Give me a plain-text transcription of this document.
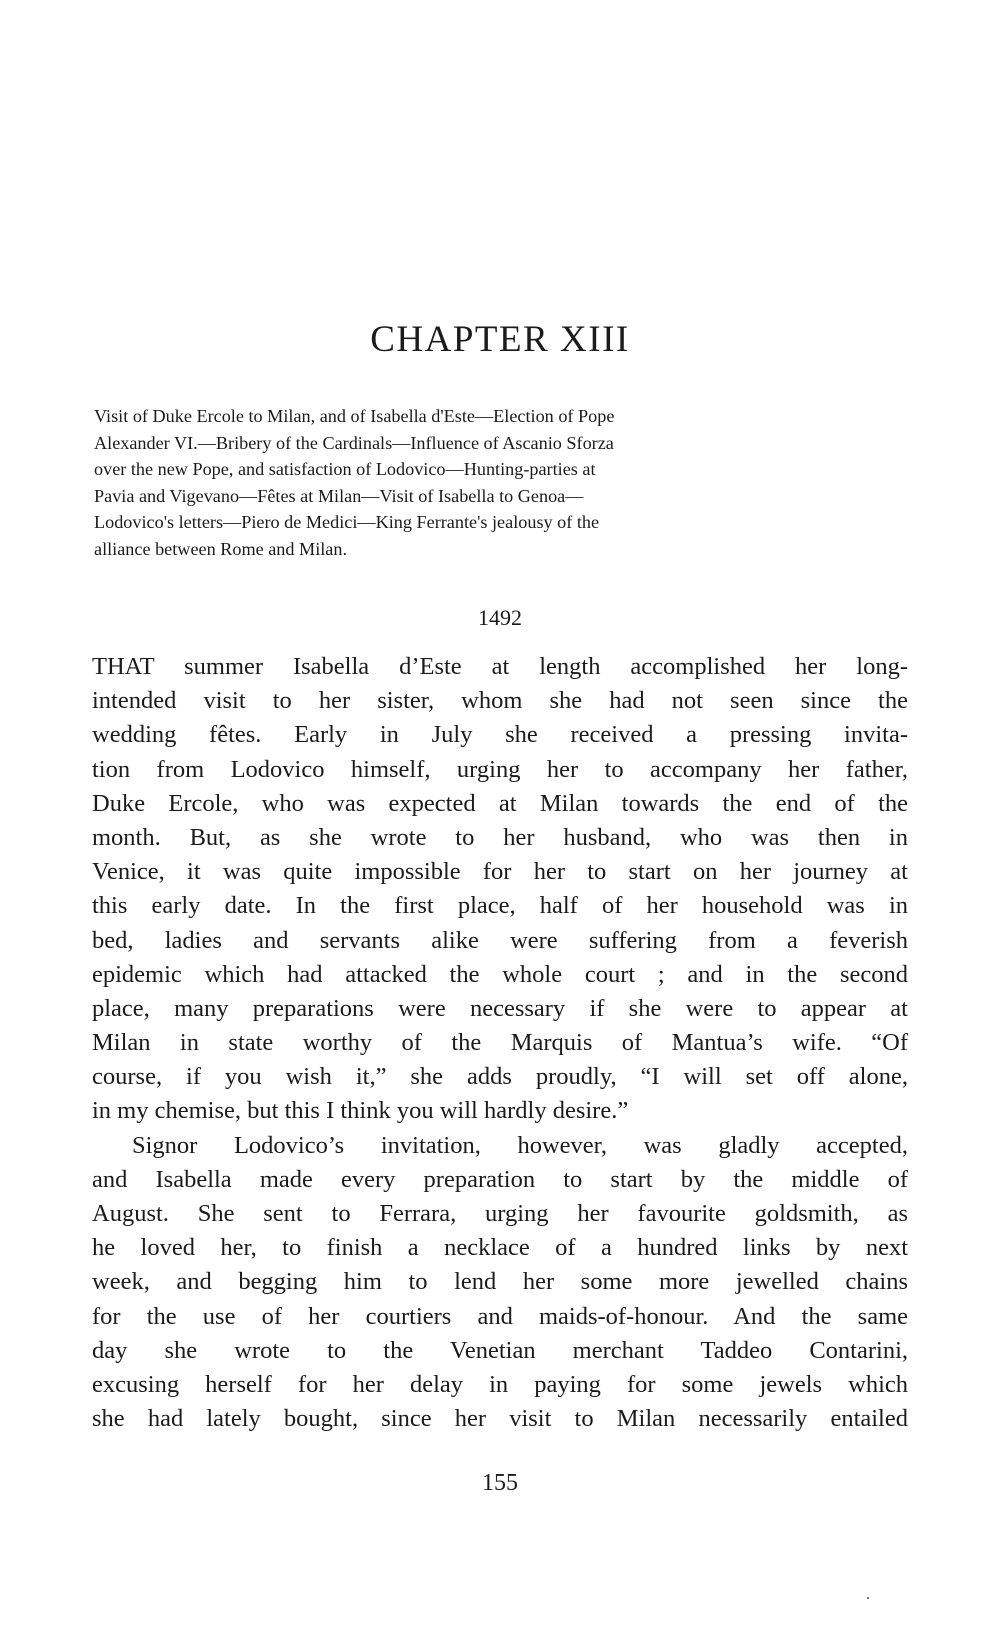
CHAPTER XIII

Visit of Duke Ercole to Milan, and of Isabella d'Este—Election of Pope
Alexander VI.—Bribery of the Cardinals—Influence of Ascanio Sforza
over the new Pope, and satisfaction of Lodovico—Hunting-parties at
Pavia and Vigevano—Fêtes at Milan—Visit of Isabella to Genoa—
Lodovico's letters—Piero de Medici—King Ferrante's jealousy of the
alliance between Rome and Milan.

1492

THAT summer Isabella d’Este at length accomplished her long-
intended visit to her sister, whom she had not seen since the
wedding fêtes. Early in July she received a pressing invita-
tion from Lodovico himself, urging her to accompany her father,
Duke Ercole, who was expected at Milan towards the end of the
month. But, as she wrote to her husband, who was then in
Venice, it was quite impossible for her to start on her journey at
this early date. In the first place, half of her household was in
bed, ladies and servants alike were suffering from a feverish
epidemic which had attacked the whole court ; and in the second
place, many preparations were necessary if she were to appear at
Milan in state worthy of the Marquis of Mantua’s wife. “Of
course, if you wish it,” she adds proudly, “I will set off alone,
in my chemise, but this I think you will hardly desire.”
Signor Lodovico’s invitation, however, was gladly accepted,
and Isabella made every preparation to start by the middle of
August. She sent to Ferrara, urging her favourite goldsmith, as
he loved her, to finish a necklace of a hundred links by next
week, and begging him to lend her some more jewelled chains
for the use of her courtiers and maids-of-honour. And the same
day she wrote to the Venetian merchant Taddeo Contarini,
excusing herself for her delay in paying for some jewels which
she had lately bought, since her visit to Milan necessarily entailed

155
